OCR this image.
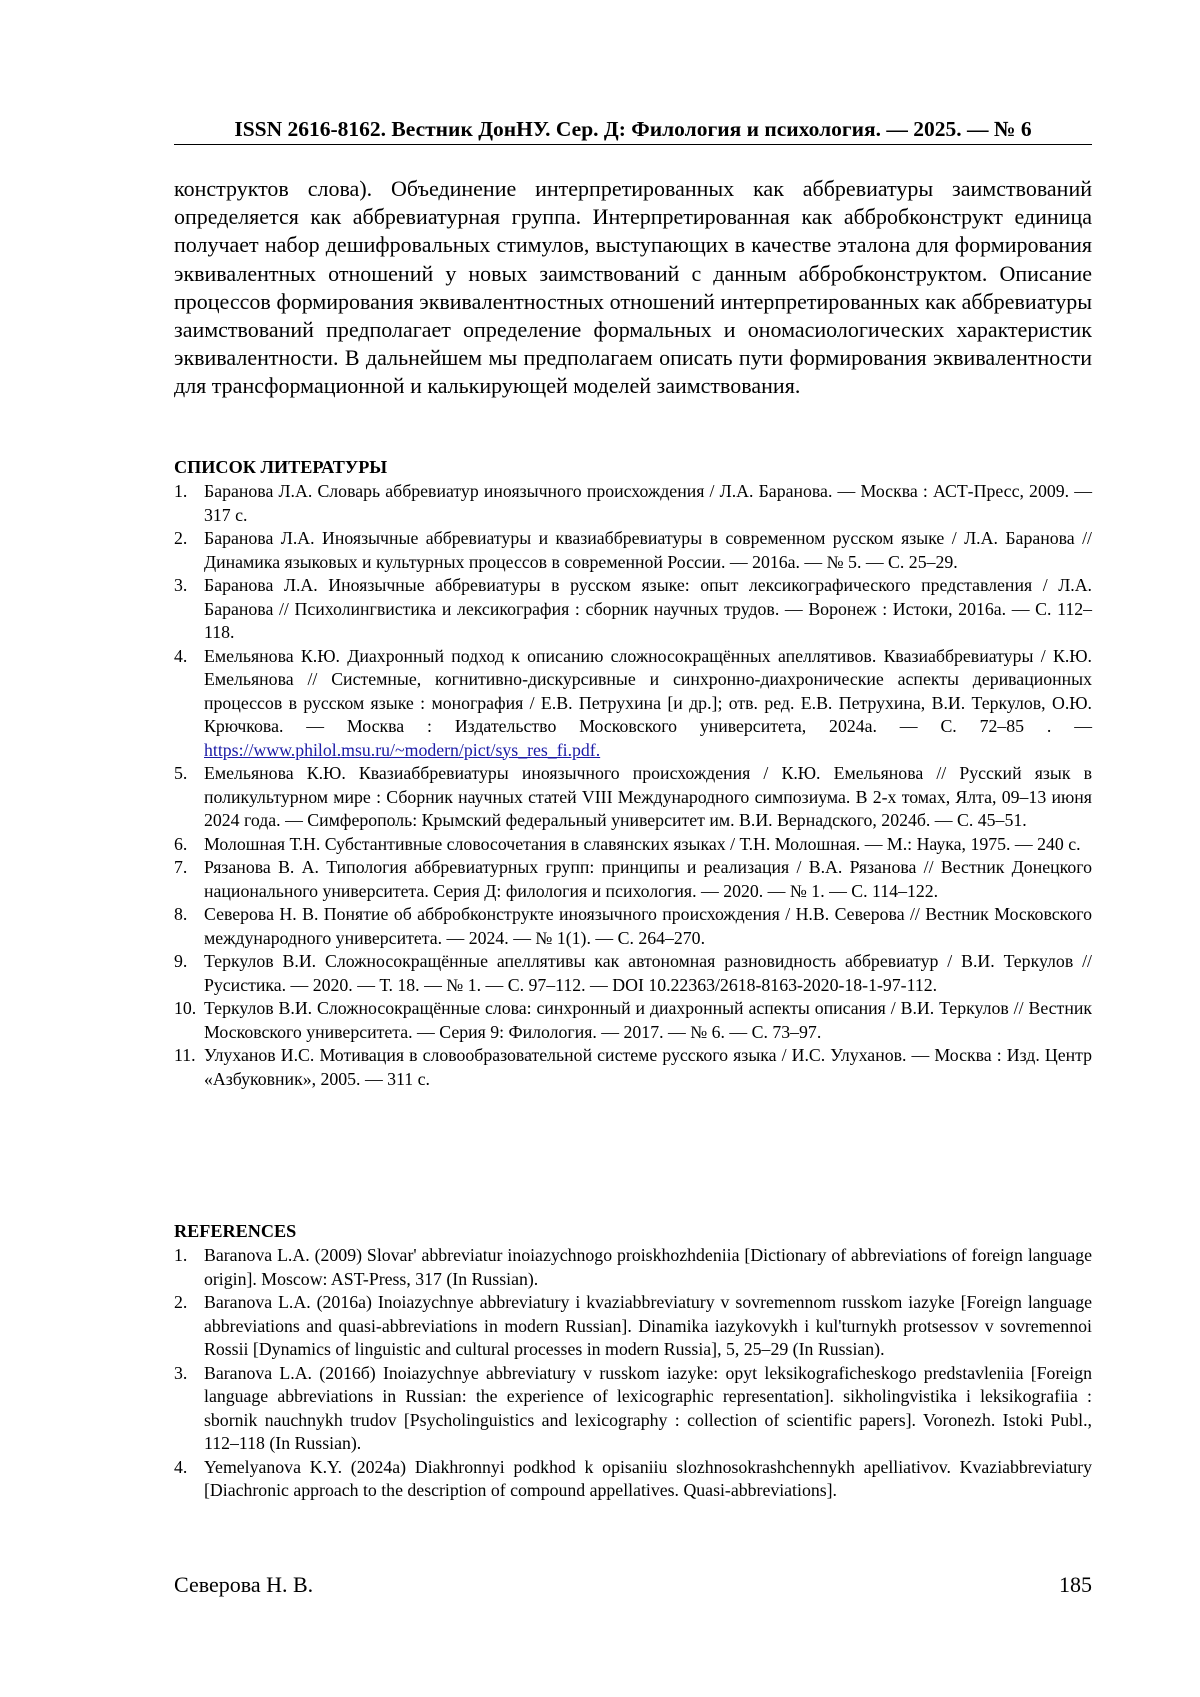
ISSN 2616-8162. Вестник ДонНУ. Сер. Д: Филология и психология. — 2025. — № 6

конструктов слова). Объединение интерпретированных как аббревиатуры заимствований определяется как аббревиатурная группа. Интерпретированная как аббробконструкт единица получает набор дешифровальных стимулов, выступающих в качестве эталона для формирования эквивалентных отношений у новых заимствований с данным аббробконструктом. Описание процессов формирования эквивалентностных отношений интерпретированных как аббревиатуры заимствований предполагает определение формальных и ономасиологических характеристик эквивалентности. В дальнейшем мы предполагаем описать пути формирования эквивалентности для трансформационной и калькирующей моделей заимствования.

СПИСОК ЛИТЕРАТУРЫ
1. Баранова Л.А. Словарь аббревиатур иноязычного происхождения / Л.А. Баранова. — Москва : АСТ-Пресс, 2009. — 317 с.
2. Баранова Л.А. Иноязычные аббревиатуры и квазиаббревиатуры в современном русском языке / Л.А. Баранова // Динамика языковых и культурных процессов в современной России. — 2016а. — № 5. — С. 25–29.
3. Баранова Л.А. Иноязычные аббревиатуры в русском языке: опыт лексикографического представления / Л.А. Баранова // Психолингвистика и лексикография : сборник научных трудов. — Воронеж : Истоки, 2016а. — С. 112–118.
4. Емельянова К.Ю. Диахронный подход к описанию сложносокращённых апеллятивов. Квазиаббревиатуры / К.Ю. Емельянова // Системные, когнитивно-дискурсивные и синхронно-диахронические аспекты деривационных процессов в русском языке : монография / Е.В. Петрухина [и др.]; отв. ред. Е.В. Петрухина, В.И. Теркулов, О.Ю. Крючкова. — Москва : Издательство Московского университета, 2024а. — С. 72–85 . — https://www.philol.msu.ru/~modern/pict/sys_res_fi.pdf.
5. Емельянова К.Ю. Квазиаббревиатуры иноязычного происхождения / К.Ю. Емельянова // Русский язык в поликультурном мире : Сборник научных статей VIII Международного симпозиума. В 2-х томах, Ялта, 09–13 июня 2024 года. — Симферополь: Крымский федеральный университет им. В.И. Вернадского, 2024б. — С. 45–51.
6. Молошная Т.Н. Субстантивные словосочетания в славянских языках / Т.Н. Молошная. — М.: Наука, 1975. — 240 с.
7. Рязанова В. А. Типология аббревиатурных групп: принципы и реализация / В.А. Рязанова // Вестник Донецкого национального университета. Серия Д: филология и психология. — 2020. — № 1. — С. 114–122.
8. Северова Н. В. Понятие об аббробконструкте иноязычного происхождения / Н.В. Северова // Вестник Московского международного университета. — 2024. — № 1(1). — С. 264–270.
9. Теркулов В.И. Сложносокращённые апеллятивы как автономная разновидность аббревиатур / В.И. Теркулов // Русистика. — 2020. — Т. 18. — № 1. — С. 97–112. — DOI 10.22363/2618-8163-2020-18-1-97-112.
10. Теркулов В.И. Сложносокращённые слова: синхронный и диахронный аспекты описания / В.И. Теркулов // Вестник Московского университета. — Серия 9: Филология. — 2017. — № 6. — С. 73–97.
11. Улуханов И.С. Мотивация в словообразовательной системе русского языка / И.С. Улуханов. — Москва : Изд. Центр «Азбуковник», 2005. — 311 с.
REFERENCES
1. Baranova L.A. (2009) Slovar' abbreviatur inoiazychnogo proiskhozhdeniia [Dictionary of abbreviations of foreign language origin]. Moscow: AST-Press, 317 (In Russian).
2. Baranova L.A. (2016a) Inoiazychnye abbreviatury i kvaziabbreviatury v sovremennom russkom iazyke [Foreign language abbreviations and quasi-abbreviations in modern Russian]. Dinamika iazykovykh i kul'turnykh protsessov v sovremennoi Rossii [Dynamics of linguistic and cultural processes in modern Russia], 5, 25–29 (In Russian).
3. Baranova L.A. (2016б) Inoiazychnye abbreviatury v russkom iazyke: opyt leksikograficheskogo predstavleniia [Foreign language abbreviations in Russian: the experience of lexicographic representation]. sikholingvistika i leksikografiia : sbornik nauchnykh trudov [Psycholinguistics and lexicography : collection of scientific papers]. Voronezh. Istoki Publ., 112–118 (In Russian).
4. Yemelyanova K.Y. (2024a) Diakhronnyi podkhod k opisaniiu slozhnosokrashchennykh apelliativov. Kvaziabbreviatury [Diachronic approach to the description of compound appellatives. Quasi-abbreviations].
Северова Н. В.	185
